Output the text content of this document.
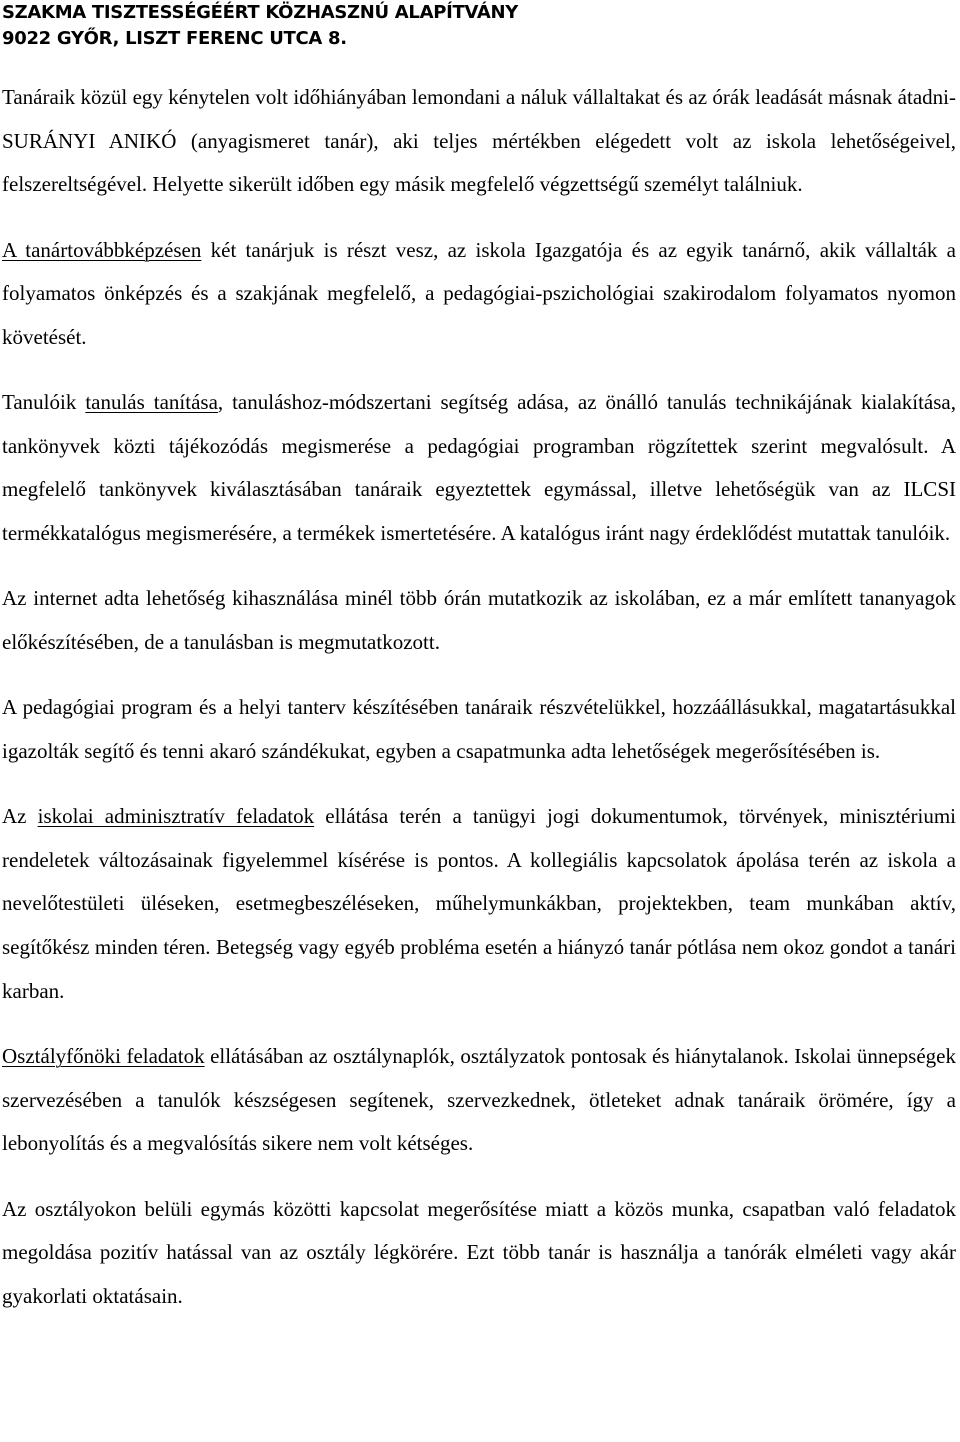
SZAKMA TISZTESSÉGÉÉRT KÖZHASZNÚ ALAPÍTVÁNY
9022 GYŐR, LISZT FERENC UTCA 8.

Tanáraik közül egy kénytelen volt időhiányában lemondani a náluk vállaltakat és az órák leadását másnak átadni- SURÁNYI ANIKÓ (anyagismeret tanár), aki teljes mértékben elégedett volt az iskola lehetőségeivel, felszereltségével. Helyette sikerült időben egy másik megfelelő végzettségű személyt találniuk.

A tanártovábbképzésen két tanárjuk is részt vesz, az iskola Igazgatója és az egyik tanárnő, akik vállalták a folyamatos önképzés és a szakjának megfelelő, a pedagógiai-pszichológiai szakirodalom folyamatos nyomon követését.

Tanulóik tanulás tanítása, tanuláshoz-módszertani segítség adása, az önálló tanulás technikájának kialakítása, tankönyvek közti tájékozódás megismerése a pedagógiai programban rögzítettek szerint megvalósult. A megfelelő tankönyvek kiválasztásában tanáraik egyeztettek egymással, illetve lehetőségük van az ILCSI termékkatalógus megismerésére, a termékek ismertetésére. A katalógus iránt nagy érdeklődést mutattak tanulóik.

Az internet adta lehetőség kihasználása minél több órán mutatkozik az iskolában, ez a már említett tananyagok előkészítésében, de a tanulásban is megmutatkozott.

A pedagógiai program és a helyi tanterv készítésében tanáraik részvételükkel, hozzáállásukkal, magatartásukkal igazolták segítő és tenni akaró szándékukat, egyben a csapatmunka adta lehetőségek megerősítésében is.

Az iskolai adminisztratív feladatok ellátása terén a tanügyi jogi dokumentumok, törvények, minisztériumi rendeletek változásainak figyelemmel kísérése is pontos. A kollegiális kapcsolatok ápolása terén az iskola a nevelőtestületi üléseken, esetmegbeszéléseken, műhelymunkákban, projektekben, team munkában aktív, segítőkész minden téren. Betegség vagy egyéb probléma esetén a hiányzó tanár pótlása nem okoz gondot a tanári karban.

Osztályfőnöki feladatok ellátásában az osztálynaplók, osztályzatok pontosak és hiánytalanok. Iskolai ünnepségek szervezésében a tanulók készségesen segítenek, szervezkednek, ötleteket adnak tanáraik örömére, így a lebonyolítás és a megvalósítás sikere nem volt kétséges.

Az osztályokon belüli egymás közötti kapcsolat megerősítése miatt a közös munka, csapatban való feladatok megoldása pozitív hatással van az osztály légkörére. Ezt több tanár is használja a tanórák elméleti vagy akár gyakorlati oktatásain.
